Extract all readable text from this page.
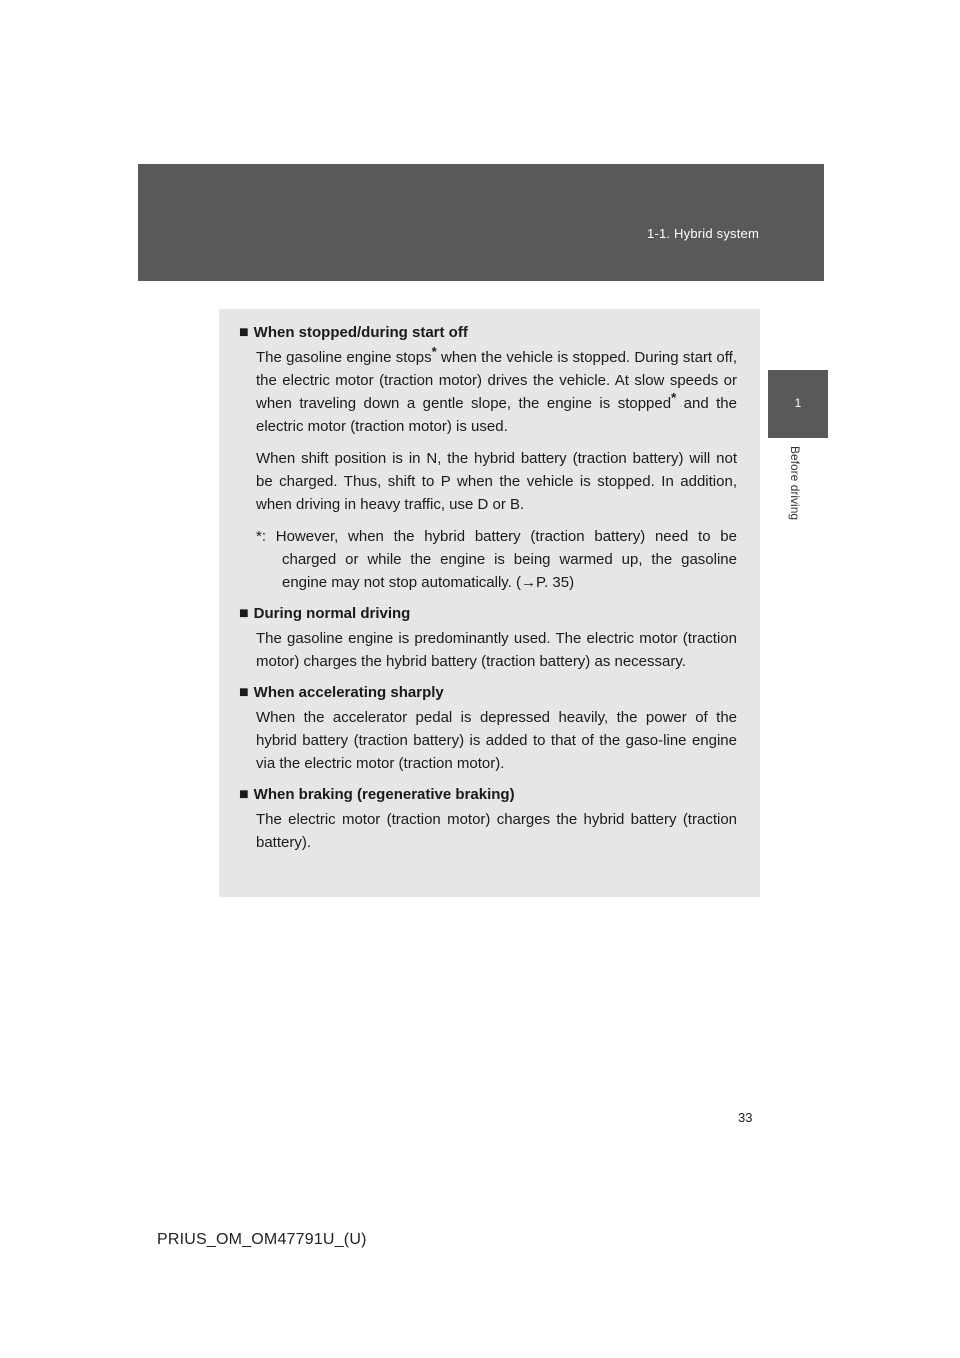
1-1. Hybrid system
1
Before driving

■ When stopped/during start off

The gasoline engine stops* when the vehicle is stopped. During start off, the electric motor (traction motor) drives the vehicle. At slow speeds or when traveling down a gentle slope, the engine is stopped* and the electric motor (traction motor) is used.

When shift position is in N, the hybrid battery (traction battery) will not be charged. Thus, shift to P when the vehicle is stopped. In addition, when driving in heavy traffic, use D or B.

*: However, when the hybrid battery (traction battery) need to be charged or while the engine is being warmed up, the gasoline engine may not stop automatically. (→P. 35)

■ During normal driving

The gasoline engine is predominantly used. The electric motor (traction motor) charges the hybrid battery (traction battery) as necessary.

■ When accelerating sharply

When the accelerator pedal is depressed heavily, the power of the hybrid battery (traction battery) is added to that of the gaso-line engine via the electric motor (traction motor).

■ When braking (regenerative braking)

The electric motor (traction motor) charges the hybrid battery (traction battery).

33
PRIUS_OM_OM47791U_(U)
